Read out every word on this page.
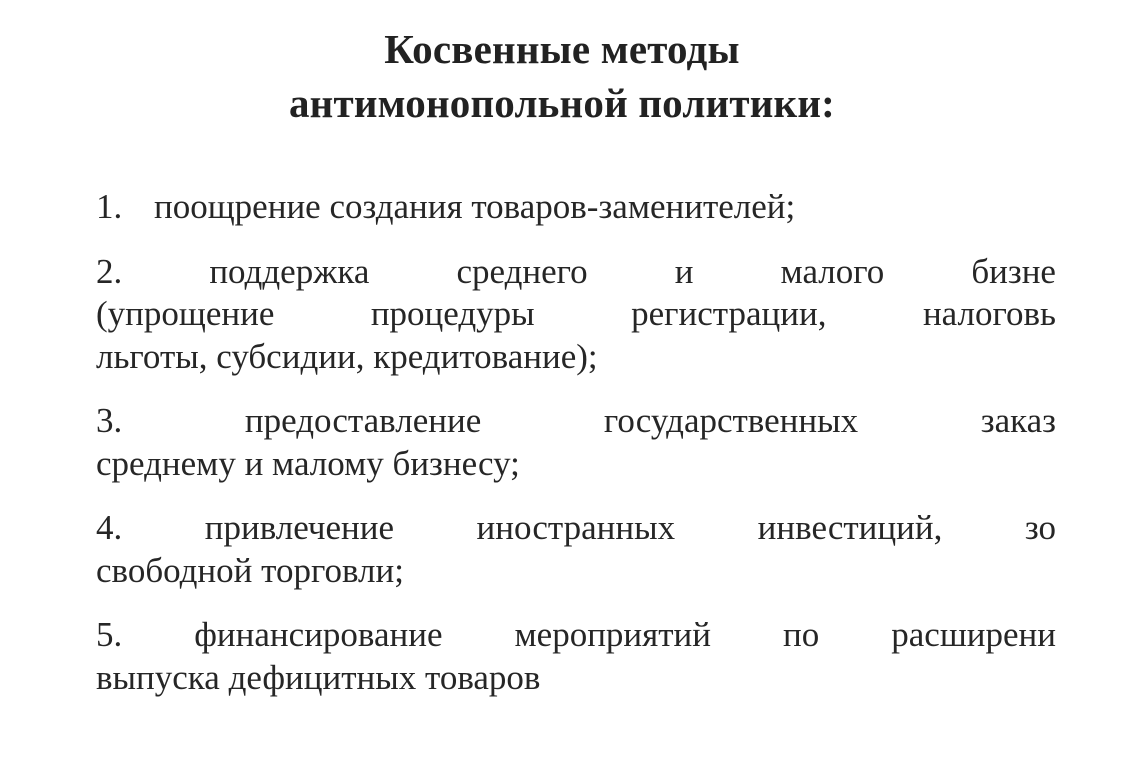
Косвенные методы
антимонопольной политики:
1. поощрение создания товаров-заменителей;
2. поддержка среднего и малого бизне
(упрощение	процедуры	регистрации,	налоговь
льготы, субсидии, кредитование);
3.	предоставление	государственных	заказ
среднему и малому бизнесу;
4. привлечение иностранных инвестиций, зо
свободной торговли;
5. финансирование мероприятий по расширени
выпуска дефицитных товаров
